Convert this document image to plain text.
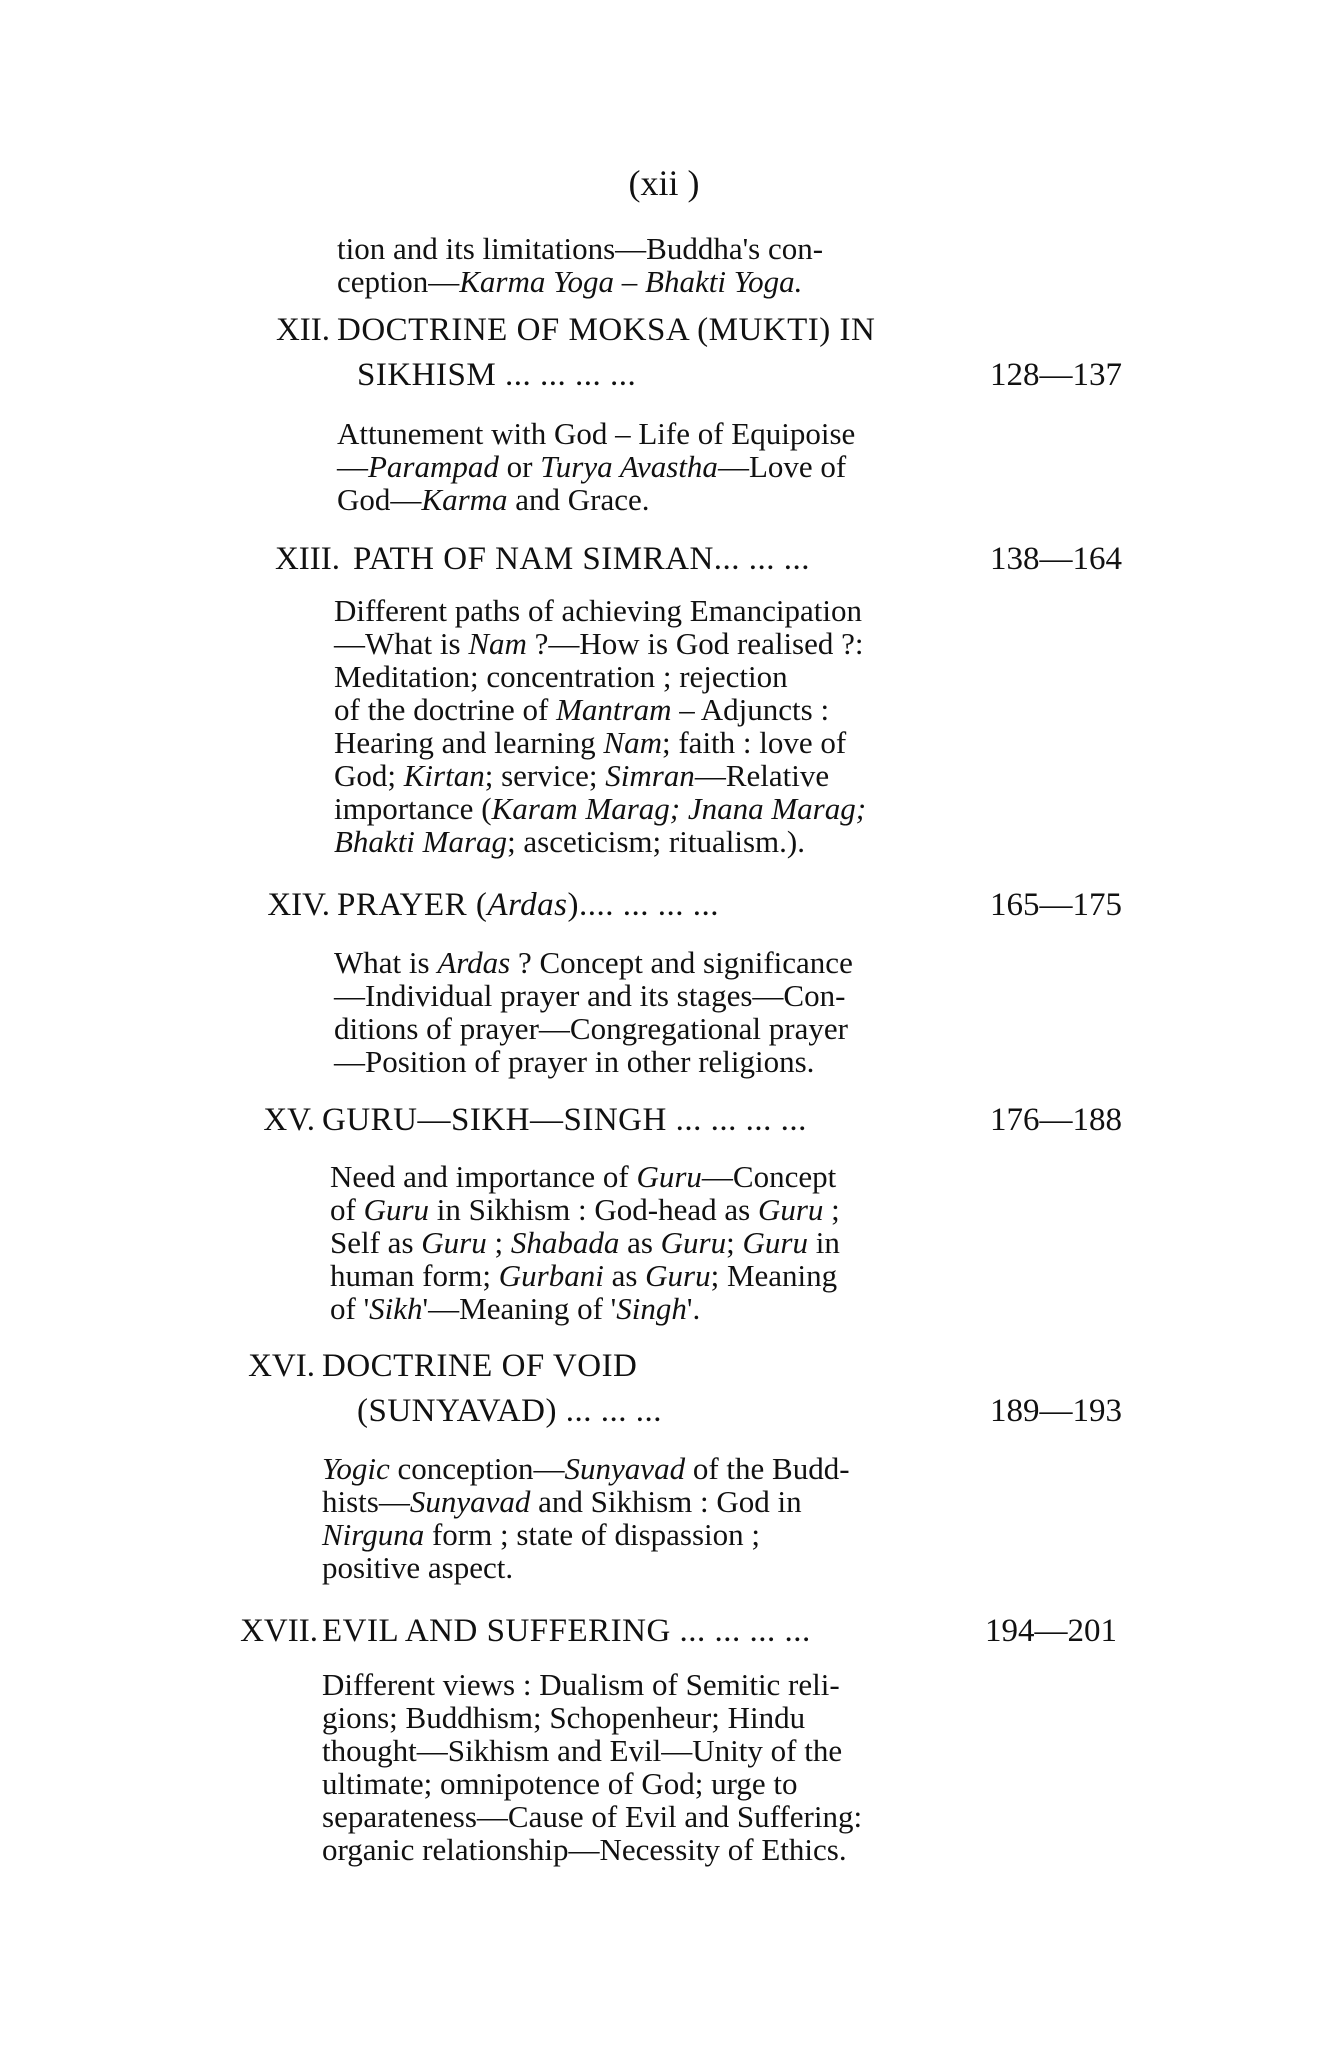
(xii )
tion and its limitations—Buddha's con-
ception—Karma Yoga – Bhakti Yoga.
XII. DOCTRINE OF MOKSA (MUKTI) IN
SIKHISM ... ... ... ...	128—137
Attunement with God – Life of Equipoise
—Parampad or Turya Avastha—Love of
God—Karma and Grace.
XIII. PATH OF NAM SIMRAN... ... ...	138—164
Different paths of achieving Emancipation
—What is Nam ?—How is God realised ?:
Meditation; concentration ; rejection
of the doctrine of Mantram – Adjuncts :
Hearing and learning Nam; faith : love of
God; Kirtan; service; Simran—Relative
importance (Karam Marag; Jnana Marag;
Bhakti Marag; asceticism; ritualism.).
XIV. PRAYER (Ardas).... ... ... ...	165—175
What is Ardas ? Concept and significance
—Individual prayer and its stages—Con-
ditions of prayer—Congregational prayer
—Position of prayer in other religions.
XV. GURU—SIKH—SINGH ... ... ... ...	176—188
Need and importance of Guru—Concept
of Guru in Sikhism : God-head as Guru ;
Self as Guru ; Shabada as Guru; Guru in
human form; Gurbani as Guru; Meaning
of 'Sikh'—Meaning of 'Singh'.
XVI. DOCTRINE OF VOID
(SUNYAVAD) ... ... ...	189—193
Yogic conception—Sunyavad of the Budd-
hists—Sunyavad and Sikhism : God in
Nirguna form ; state of dispassion ;
positive aspect.
XVII. EVIL AND SUFFERING ... ... ... ...	194—201
Different views : Dualism of Semitic reli-
gions; Buddhism; Schopenheur; Hindu
thought—Sikhism and Evil—Unity of the
ultimate; omnipotence of God; urge to
separateness—Cause of Evil and Suffering:
organic relationship—Necessity of Ethics.
